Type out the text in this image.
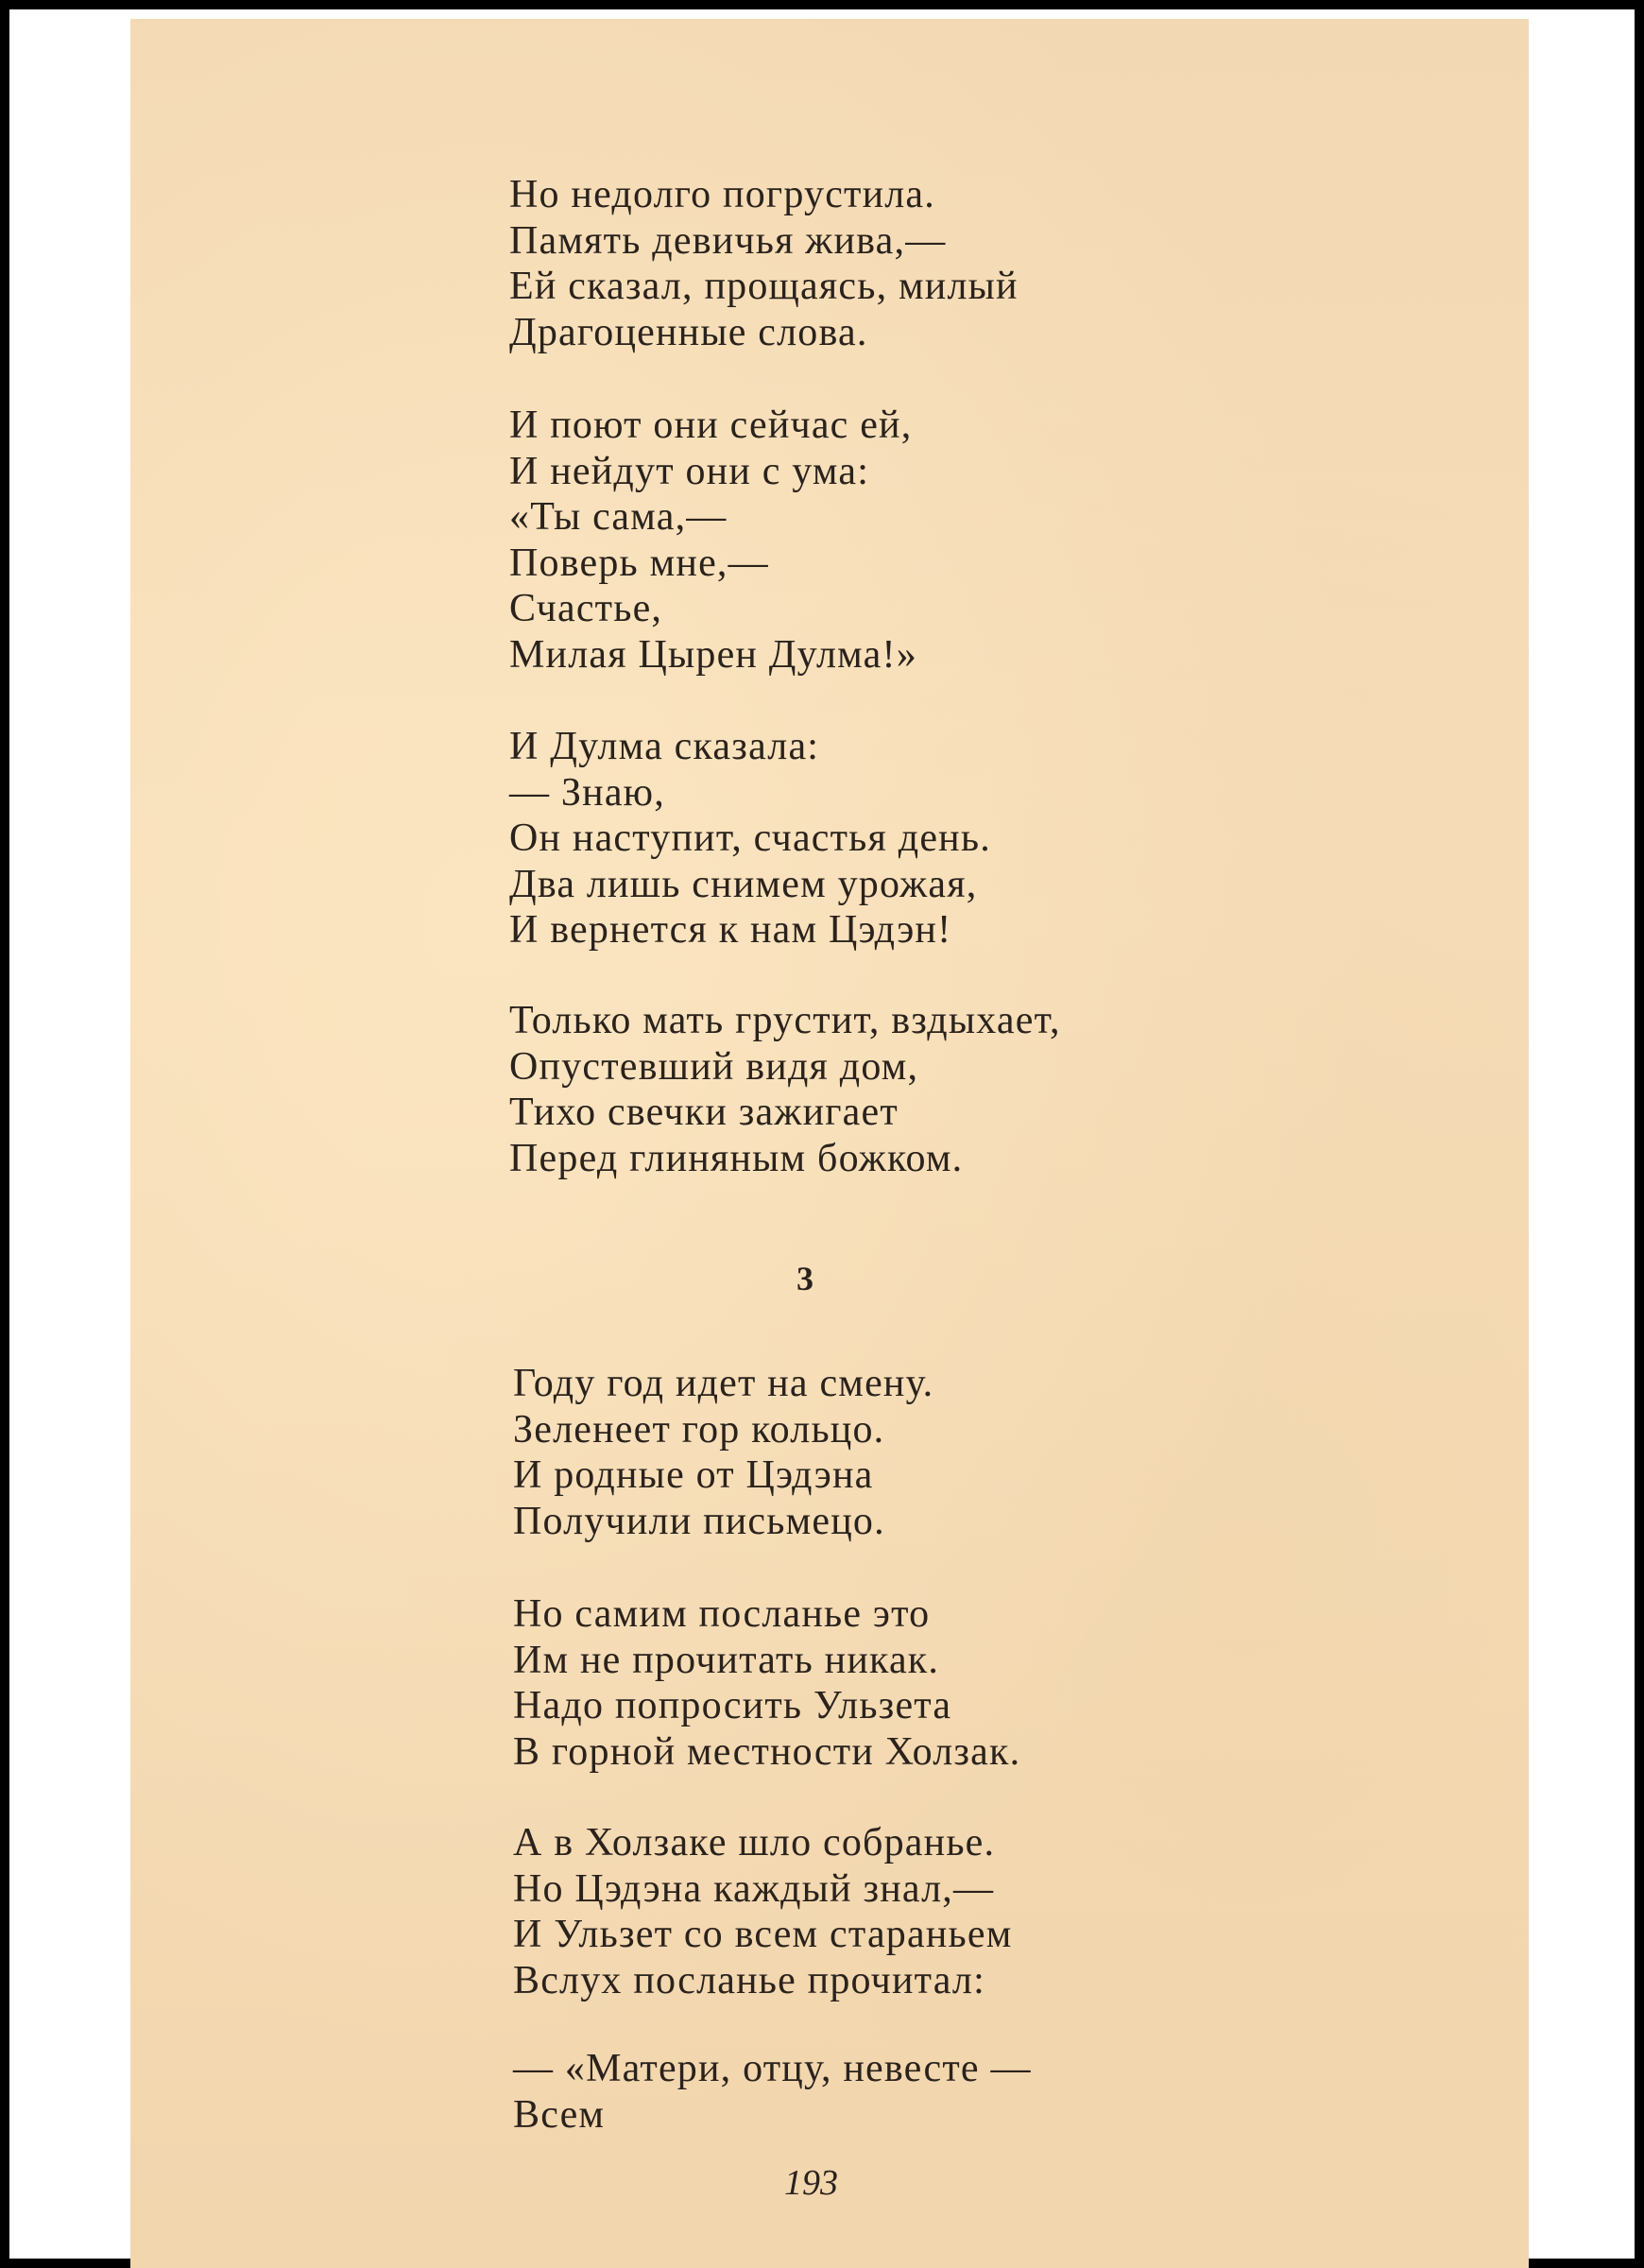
Но недолго погрустила.
Память девичья жива,—
Ей сказал, прощаясь, милый
Драгоценные слова.
И поют они сейчас ей,
И нейдут они с ума:
«Ты сама,—
Поверь мне,—
Счастье,
Милая Цырен Дулма!»
И Дулма сказала:
— Знаю,
Он наступит, счастья день.
Два лишь снимем урожая,
И вернется к нам Цэдэн!
Только мать грустит, вздыхает,
Опустевший видя дом,
Тихо свечки зажигает
Перед глиняным божком.
3
Году год идет на смену.
Зеленеет гор кольцо.
И родные от Цэдэна
Получили письмецо.
Но самим посланье это
Им не прочитать никак.
Надо попросить Ульзета
В горной местности Холзак.
А в Холзаке шло собранье.
Но Цэдэна каждый знал,—
И Ульзет со всем стараньем
Вслух посланье прочитал:
— «Матери, отцу, невесте —
Всем
193
